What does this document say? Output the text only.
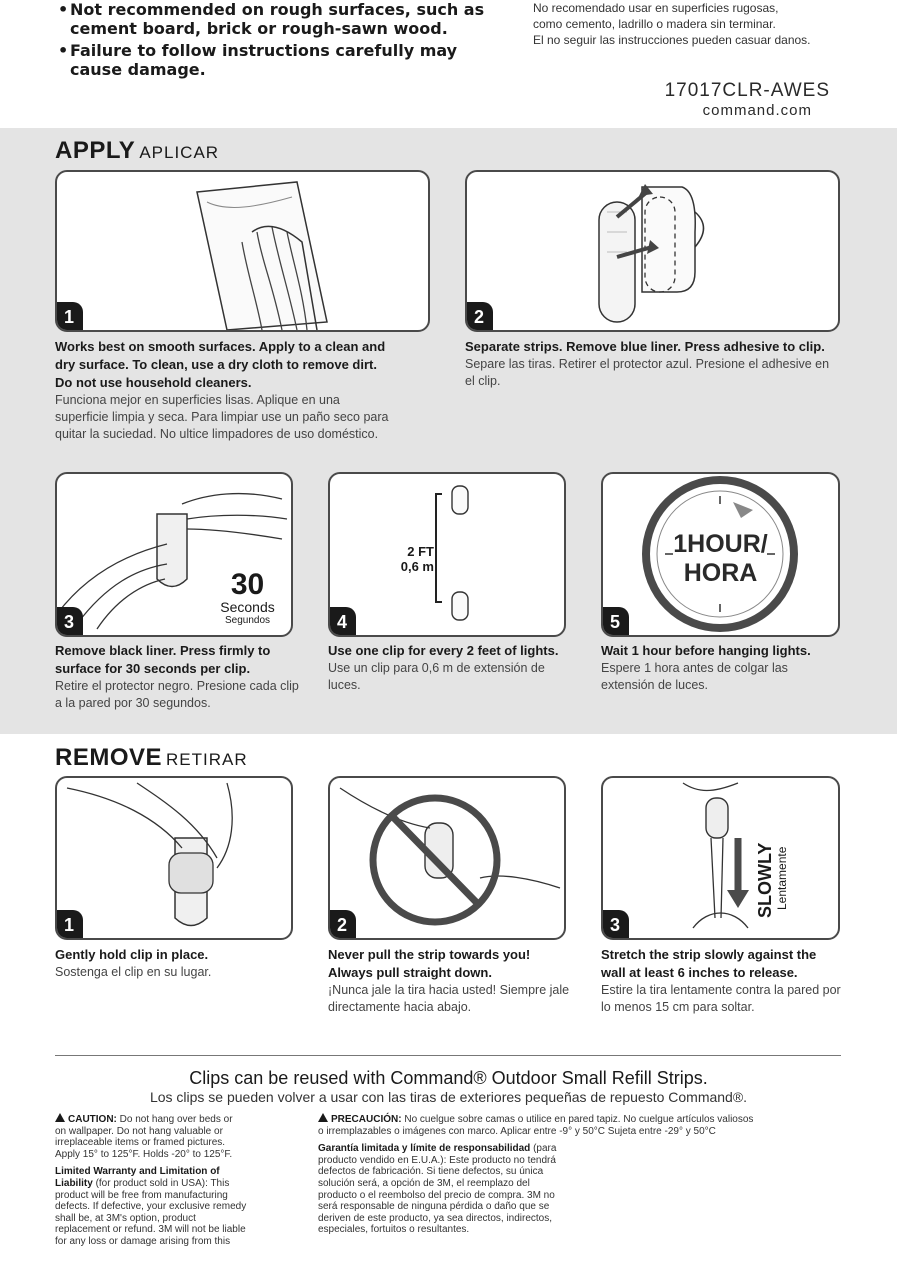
• Not recommended on rough surfaces, such as cement board, brick or rough-sawn wood.
• Failure to follow instructions carefully may cause damage.
No recomendado usar en superficies rugosas,
como cemento, ladrillo o madera sin terminar.
El no seguir las instrucciones pueden casuar danos.
17017CLR-AWES
command.com
APPLY APLICAR
1
Works best on smooth surfaces. Apply to a clean and dry surface. To clean, use a dry cloth to remove dirt. Do not use household cleaners.
Funciona mejor en superficies lisas. Aplique en una superficie limpia y seca. Para limpiar use un paño seco para quitar la suciedad. No ultice limpadores de uso doméstico.
2
Separate strips. Remove blue liner. Press adhesive to clip.
Separe las tiras. Retirer el protector azul. Presione el adhesive en el clip.
30
Seconds
Segundos
3
Remove black liner. Press firmly to surface for 30 seconds per clip.
Retire el protector negro. Presione cada clip a la pared por 30 segundos.
2 FT
0,6 m
4
Use one clip for every 2 feet of lights.
Use un clip para 0,6 m de extensión de luces.
1HOUR/
HORA
5
Wait 1 hour before hanging lights.
Espere 1 hora antes de colgar las extensión de luces.
REMOVE RETIRAR
1
Gently hold clip in place.
Sostenga el clip en su lugar.
2
Never pull the strip towards you! Always pull straight down.
¡Nunca jale la tira hacia usted! Siempre jale directamente hacia abajo.
SLOWLY Lentamente
3
Stretch the strip slowly against the wall at least 6 inches to release.
Estire la tira lentamente contra la pared por lo menos 15 cm para soltar.
Clips can be reused with Command® Outdoor Small Refill Strips.
Los clips se pueden volver a usar con las tiras de exteriores pequeñas de repuesto Command®.
CAUTION: Do not hang over beds or
on wallpaper. Do not hang valuable or
irreplaceable items or framed pictures.
Apply 15° to 125°F. Holds -20° to 125°F.
Limited Warranty and Limitation of
Liability (for product sold in USA): This
product will be free from manufacturing
defects. If defective, your exclusive remedy
shall be, at 3M's option, product
replacement or refund. 3M will not be liable
for any loss or damage arising from this
PRECAUCIÓN: No cuelgue sobre camas o utilice en pared tapiz. No cuelgue artículos valiosos
o irremplazables o imágenes con marco. Aplicar entre -9° y 50°C Sujeta entre -29° y 50°C
Garantía limitada y límite de responsabilidad (para
producto vendido en E.U.A.): Este producto no tendrá
defectos de fabricación. Si tiene defectos, su única
solución será, a opción de 3M, el reemplazo del
producto o el reembolso del precio de compra. 3M no
será responsable de ninguna pérdida o daño que se
deriven de este producto, ya sea directos, indirectos,
especiales, fortuitos o resultantes.
